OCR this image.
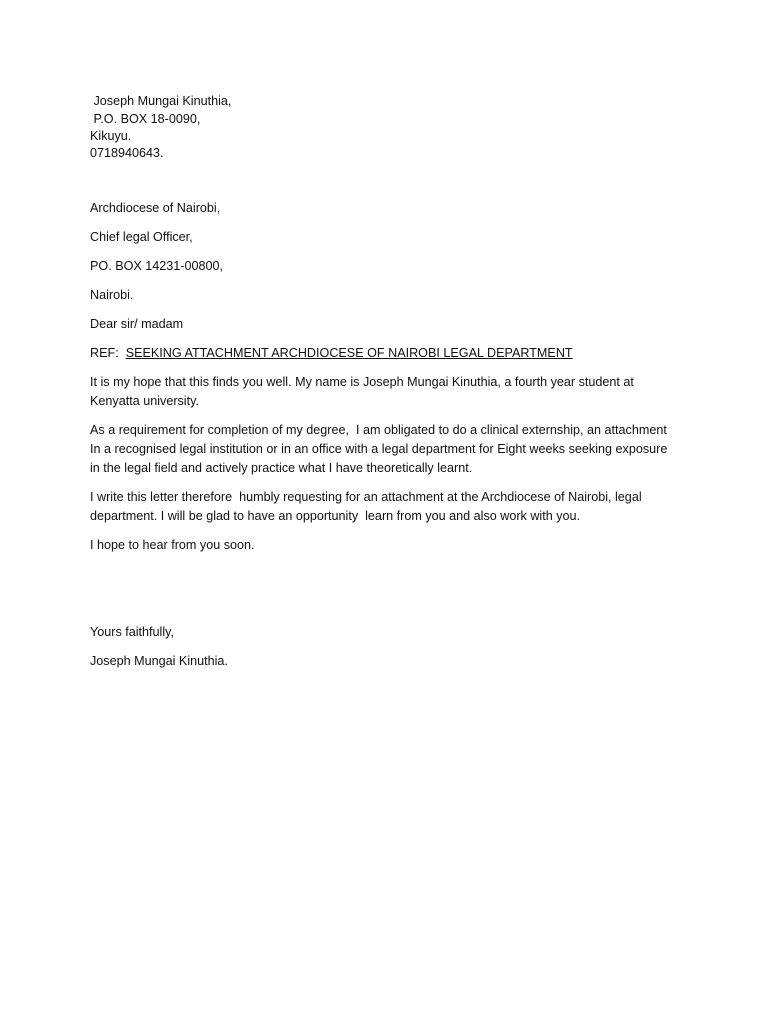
Joseph Mungai Kinuthia,
P.O. BOX 18-0090,
Kikuyu.
0718940643.
Archdiocese of Nairobi,
Chief legal Officer,
PO. BOX 14231-00800,
Nairobi.
Dear sir/ madam
REF:  SEEKING ATTACHMENT ARCHDIOCESE OF NAIROBI LEGAL DEPARTMENT
It is my hope that this finds you well. My name is Joseph Mungai Kinuthia, a fourth year student at
Kenyatta university.
As a requirement for completion of my degree,  I am obligated to do a clinical externship, an attachment
In a recognised legal institution or in an office with a legal department for Eight weeks seeking exposure
in the legal field and actively practice what I have theoretically learnt.
I write this letter therefore  humbly requesting for an attachment at the Archdiocese of Nairobi, legal
department. I will be glad to have an opportunity  learn from you and also work with you.
I hope to hear from you soon.
Yours faithfully,
Joseph Mungai Kinuthia.
